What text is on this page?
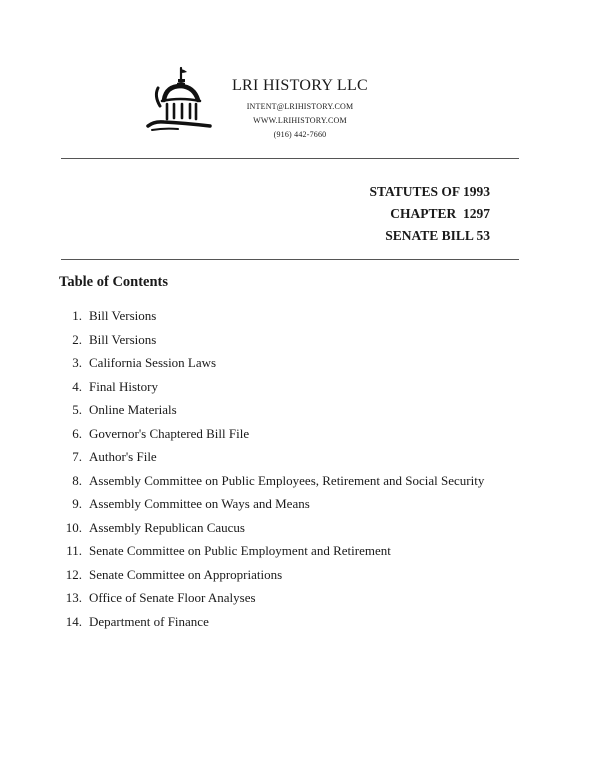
LRI HISTORY LLC
INTENT@LRIHISTORY.COM
WWW.LRIHISTORY.COM
(916) 442-7660
STATUTES OF 1993
CHAPTER  1297
SENATE BILL 53
Table of Contents
1. Bill Versions
2. Bill Versions
3. California Session Laws
4. Final History
5. Online Materials
6. Governor's Chaptered Bill File
7. Author's File
8. Assembly Committee on Public Employees, Retirement and Social Security
9. Assembly Committee on Ways and Means
10. Assembly Republican Caucus
11. Senate Committee on Public Employment and Retirement
12. Senate Committee on Appropriations
13. Office of Senate Floor Analyses
14. Department of Finance
